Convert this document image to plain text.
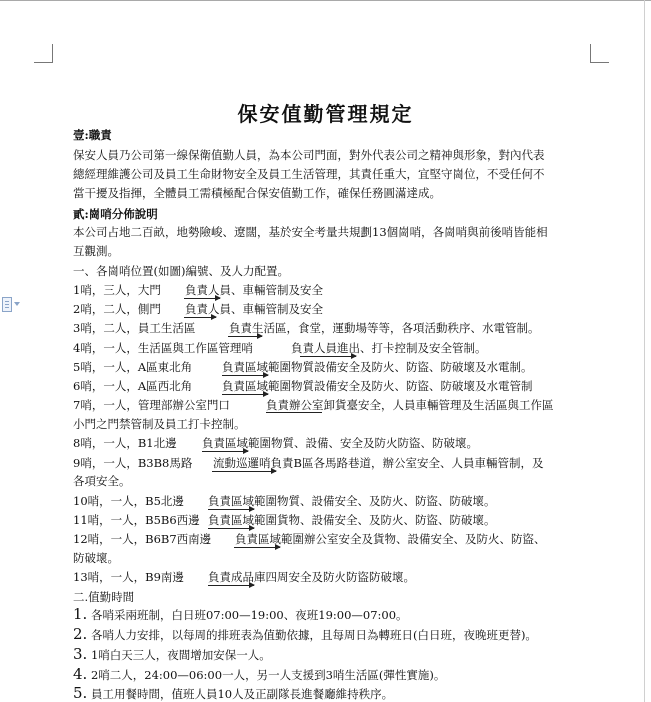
保安值勤管理規定
壹:職責
保安人員乃公司第一線保衛值勤人員，為本公司門面，對外代表公司之精神與形象，對內代表
總經理維護公司及員工生命財物安全及員工生活管理，其責任重大，宜堅守崗位，不受任何不
當干擾及指揮，全體員工需積極配合保安值勤工作，確保任務圓滿達成。
貳:崗哨分佈說明
本公司占地二百畝，地勢險峻、遼闊，基於安全考量共規劃13個崗哨，各崗哨與前後哨皆能相
互觀測。
一、各崗哨位置(如圖)編號、及人力配置。
1哨，三人，大門 負責人員、車輛管制及安全
2哨，二人，側門 負責人員、車輛管制及安全
3哨，二人，員工生活區	負責生活區，食堂，運動場等等，各項活動秩序、水電管制。
4哨，一人，生活區與工作區管理哨	負責人員進出、打卡控制及安全管制。
5哨，一人，A區東北角	負責區域範圍物質設備安全及防火、防盜、防破壞及水電制。
6哨，一人，A區西北角	負責區域範圍物質設備安全及防火、防盜、防破壞及水電管制
7哨，一人，管理部辦公室門口	負責辦公室卸貨臺安全，人員車輛管理及生活區與工作區
小門之門禁管制及員工打卡控制。
8哨，一人，B1北邊 負責區域範圍物質、設備、安全及防火防盜、防破壞。
9哨，一人，B3B8馬路 流動巡邏哨負責B區各馬路巷道，辦公室安全、人員車輛管制，及
各項安全。
10哨，一人，B5北邊 負責區域範圍物質、設備安全、及防火、防盜、防破壞。
11哨，一人，B5B6西邊 負責區域範圍貨物、設備安全、及防火、防盜、防破壞。
12哨，一人，B6B7西南邊 負責區域範圍辦公室安全及貨物、設備安全、及防火、防盜、
防破壞。
13哨，一人，B9南邊 負責成品庫四周安全及防火防盜防破壞。
二.值勤時間
1. 各哨采兩班制，白日班07:00—19:00、夜班19:00—07:00。
2. 各哨人力安排，以每周的排班表為值勤依據，且每周日為轉班日(白日班，夜晚班更替)。
3. 1哨白天三人，夜間增加安保一人。
4. 2哨二人，24:00—06:00一人，另一人支援到3哨生活區(彈性實施)。
5. 員工用餐時間，值班人員10人及正副隊長進餐廳維持秩序。
